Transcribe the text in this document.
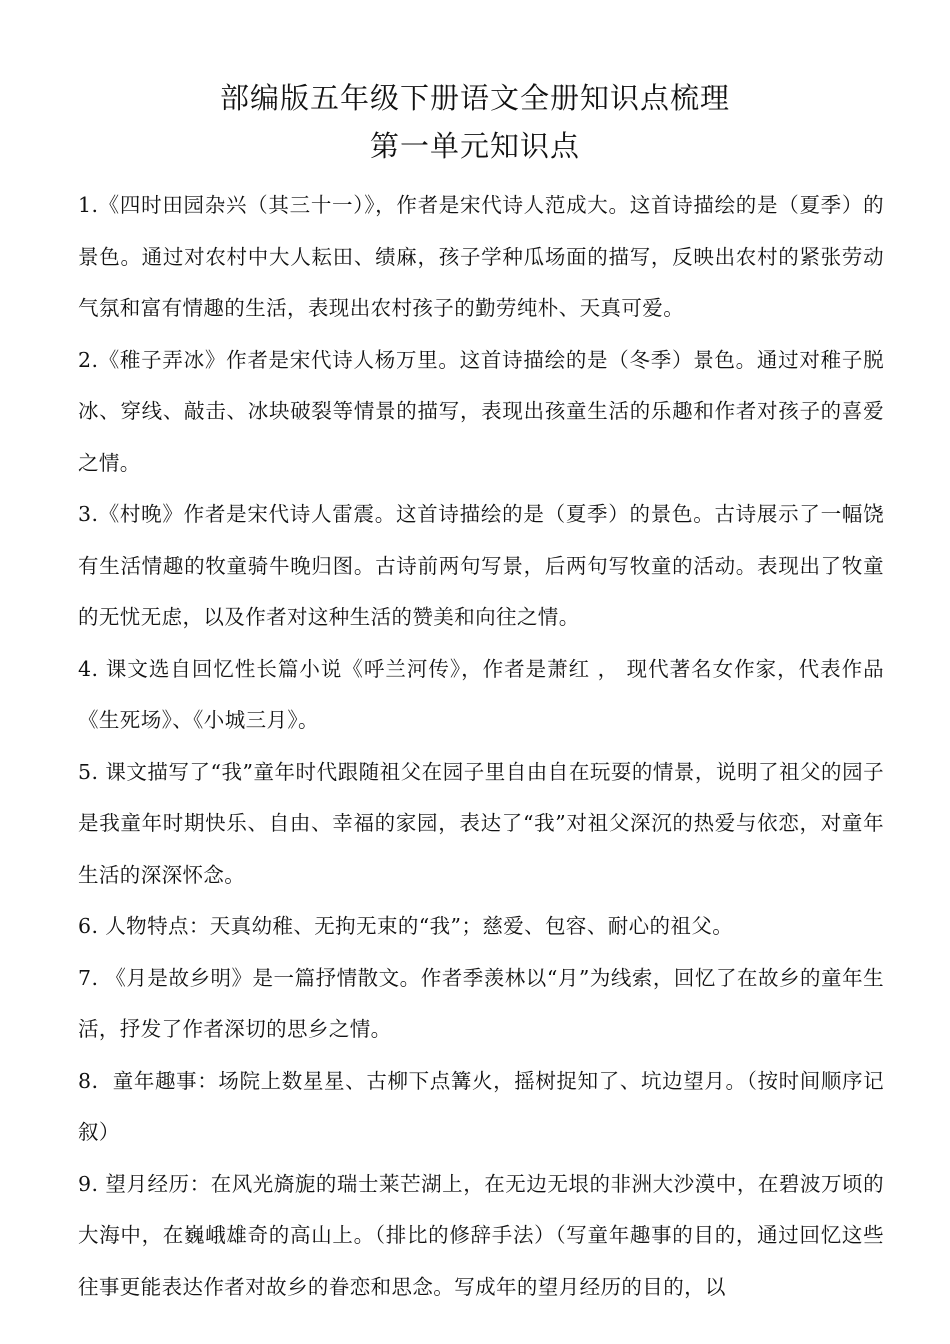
部编版五年级下册语文全册知识点梳理
第一单元知识点

1.《四时田园杂兴（其三十一）》，作者是宋代诗人范成大。这首诗描绘的是（夏季）的景色。通过对农村中大人耘田、绩麻，孩子学种瓜场面的描写，反映出农村的紧张劳动气氛和富有情趣的生活，表现出农村孩子的勤劳纯朴、天真可爱。

2.《稚子弄冰》作者是宋代诗人杨万里。这首诗描绘的是（冬季）景色。通过对稚子脱冰、穿线、敲击、冰块破裂等情景的描写，表现出孩童生活的乐趣和作者对孩子的喜爱之情。

3.《村晚》作者是宋代诗人雷震。这首诗描绘的是（夏季）的景色。古诗展示了一幅饶有生活情趣的牧童骑牛晚归图。古诗前两句写景，后两句写牧童的活动。表现出了牧童的无忧无虑，以及作者对这种生活的赞美和向往之情。

4. 课文选自回忆性长篇小说《呼兰河传》，作者是萧红 ， 现代著名女作家，代表作品《生死场》、《小城三月》。

5. 课文描写了“我”童年时代跟随祖父在园子里自由自在玩耍的情景，说明了祖父的园子是我童年时期快乐、自由、幸福的家园，表达了“我”对祖父深沉的热爱与依恋，对童年生活的深深怀念。

6. 人物特点：天真幼稚、无拘无束的“我”；慈爱、包容、耐心的祖父。

7. 《月是故乡明》是一篇抒情散文。作者季羡林以“月”为线索，回忆了在故乡的童年生活，抒发了作者深切的思乡之情。

8．童年趣事：场院上数星星、古柳下点篝火，摇树捉知了、坑边望月。（按时间顺序记叙）

9. 望月经历：在风光旖旎的瑞士莱芒湖上，在无边无垠的非洲大沙漠中，在碧波万顷的大海中，在巍峨雄奇的高山上。（排比的修辞手法）（写童年趣事的目的，通过回忆这些往事更能表达作者对故乡的眷恋和思念。写成年的望月经历的目的，以
